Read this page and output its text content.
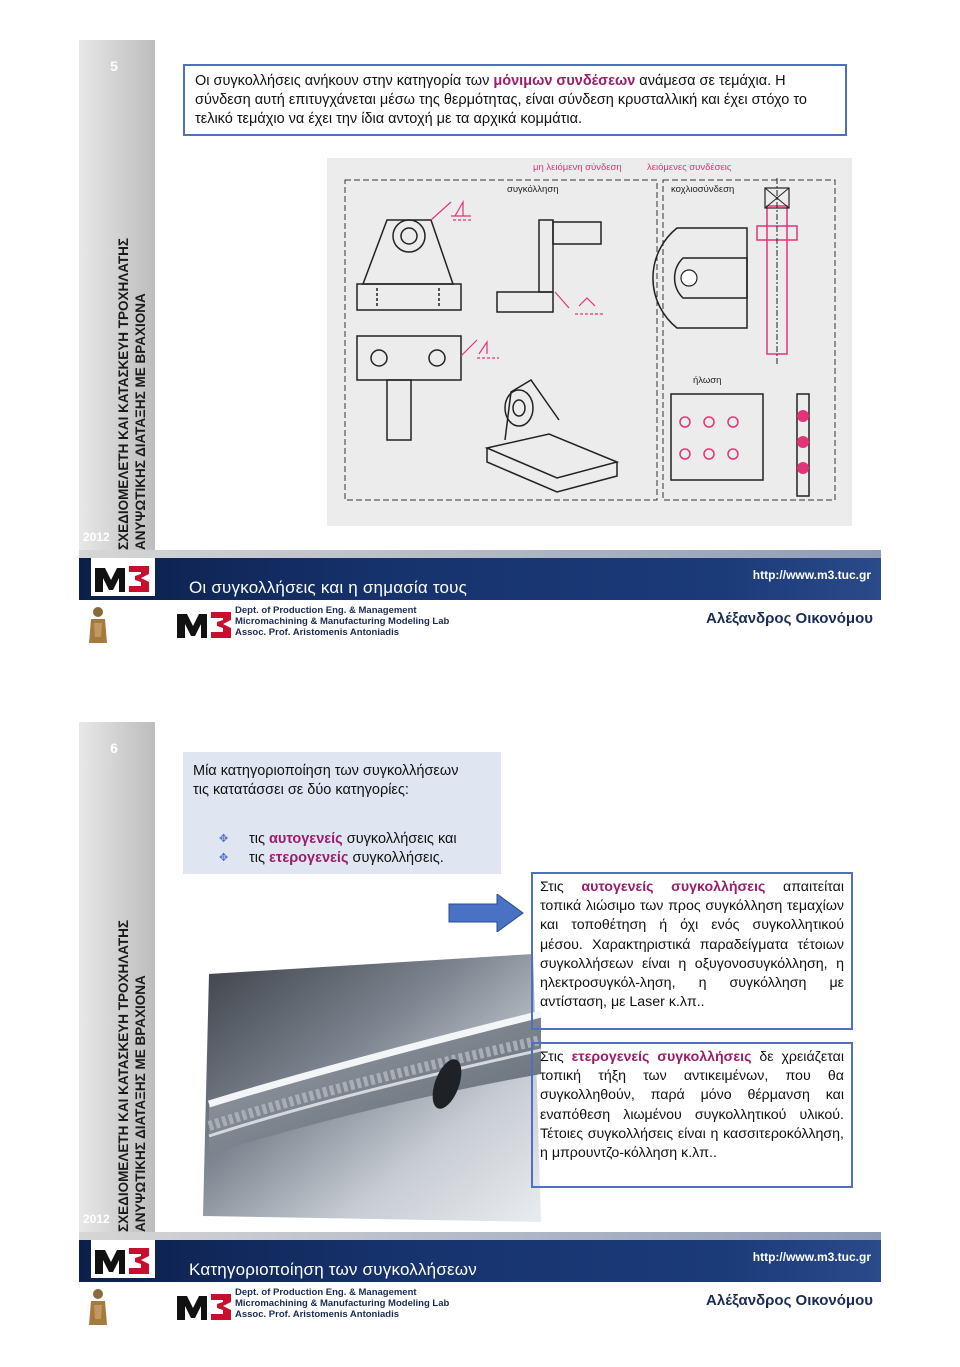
5
ΣΧΕΔΙΟΜΕΛΕΤΗ ΚΑΙ ΚΑΤΑΣΚΕΥΗ ΤΡΟΧΗΛΑΤΗΣ ΑΝΥΨΩΤΙΚΗΣ ΔΙΑΤΑΞΗΣ ΜΕ ΒΡΑΧΙΟΝΑ
2012
Οι συγκολλήσεις ανήκουν στην κατηγορία των μόνιμων συνδέσεων ανάμεσα σε τεμάχια. Η σύνδεση αυτή επιτυγχάνεται μέσω της θερμότητας, είναι σύνδεση κρυσταλλική και έχει στόχο το τελικό τεμάχιο να έχει την ίδια αντοχή με τα αρχικά κομμάτια.
μη λειόμενη σύνδεση	λειόμενες συνδέσεις
συγκόλληση	κοχλιοσύνδεση
ήλωση
Οι συγκολλήσεις και η σημασία τους
http://www.m3.tuc.gr
Dept. of Production Eng. & Management
Micromachining & Manufacturing Modeling Lab
Assoc. Prof. Aristomenis Antoniadis
Αλέξανδρος Οικονόμου
6
ΣΧΕΔΙΟΜΕΛΕΤΗ ΚΑΙ ΚΑΤΑΣΚΕΥΗ ΤΡΟΧΗΛΑΤΗΣ ΑΝΥΨΩΤΙΚΗΣ ΔΙΑΤΑΞΗΣ ΜΕ ΒΡΑΧΙΟΝΑ
2012
Μία κατηγοριοποίηση των συγκολλήσεων
τις κατατάσσει σε δύο κατηγορίες:
✥ τις αυτογενείς συγκολλήσεις και
✥ τις ετερογενείς συγκολλήσεις.
Στις αυτογενείς συγκολλήσεις απαιτείται τοπικά λιώσιμο των προς συγκόλληση τεμαχίων και τοποθέτηση ή όχι ενός συγκολλητικού μέσου. Χαρακτηριστικά παραδείγματα τέτοιων συγκολλήσεων είναι η οξυγονοσυγκόλληση, η ηλεκτροσυγκόλ-ληση, η συγκόλληση με αντίσταση, με Laser κ.λπ..
Στις ετερογενείς συγκολλήσεις δε χρειάζεται τοπική τήξη των αντικειμένων, που θα συγκολληθούν, παρά μόνο θέρμανση και εναπόθεση λιωμένου συγκολλητικού υλικού. Τέτοιες συγκολλήσεις είναι η κασσιτεροκόλληση, η μπρουντζο-κόλληση κ.λπ..
Κατηγοριοποίηση των συγκολλήσεων
http://www.m3.tuc.gr
Dept. of Production Eng. & Management
Micromachining & Manufacturing Modeling Lab
Assoc. Prof. Aristomenis Antoniadis
Αλέξανδρος Οικονόμου
